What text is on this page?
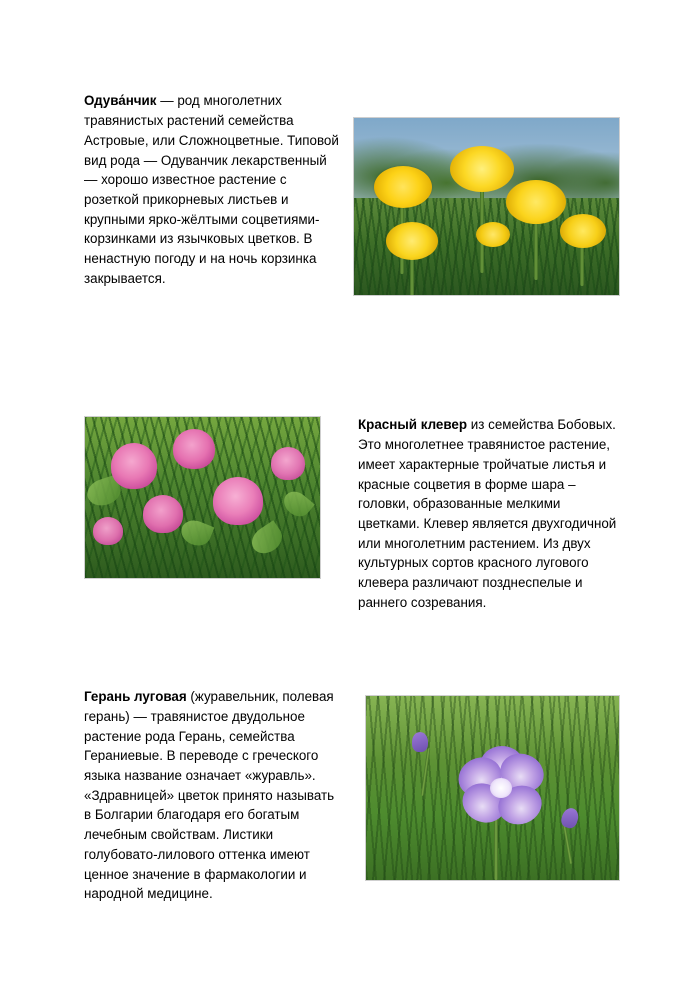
Одува́нчик — род многолетних травянистых растений семейства Астровые, или Сложноцветные. Типовой вид рода — Одуванчик лекарственный — хорошо известное растение с розеткой прикорневых листьев и крупными ярко-жёлтыми соцветиями-корзинками из язычковых цветков. В ненастную погоду и на ночь корзинка закрывается.

Красный клевер из семейства Бобовых. Это многолетнее травянистое растение, имеет характерные тройчатые листья и красные соцветия в форме шара – головки, образованные мелкими цветками. Клевер является двухгодичной или многолетним растением. Из двух культурных сортов красного лугового клевера различают позднеспелые и раннего созревания.

Герань луговая (журавельник, полевая герань) — травянистое двудольное растение рода Герань, семейства Гераниевые. В переводе с греческого языка название означает «журавль». «Здравницей» цветок принято называть в Болгарии благодаря его богатым лечебным свойствам. Листики голубовато-лилового оттенка имеют ценное значение в фармакологии и народной медицине.
